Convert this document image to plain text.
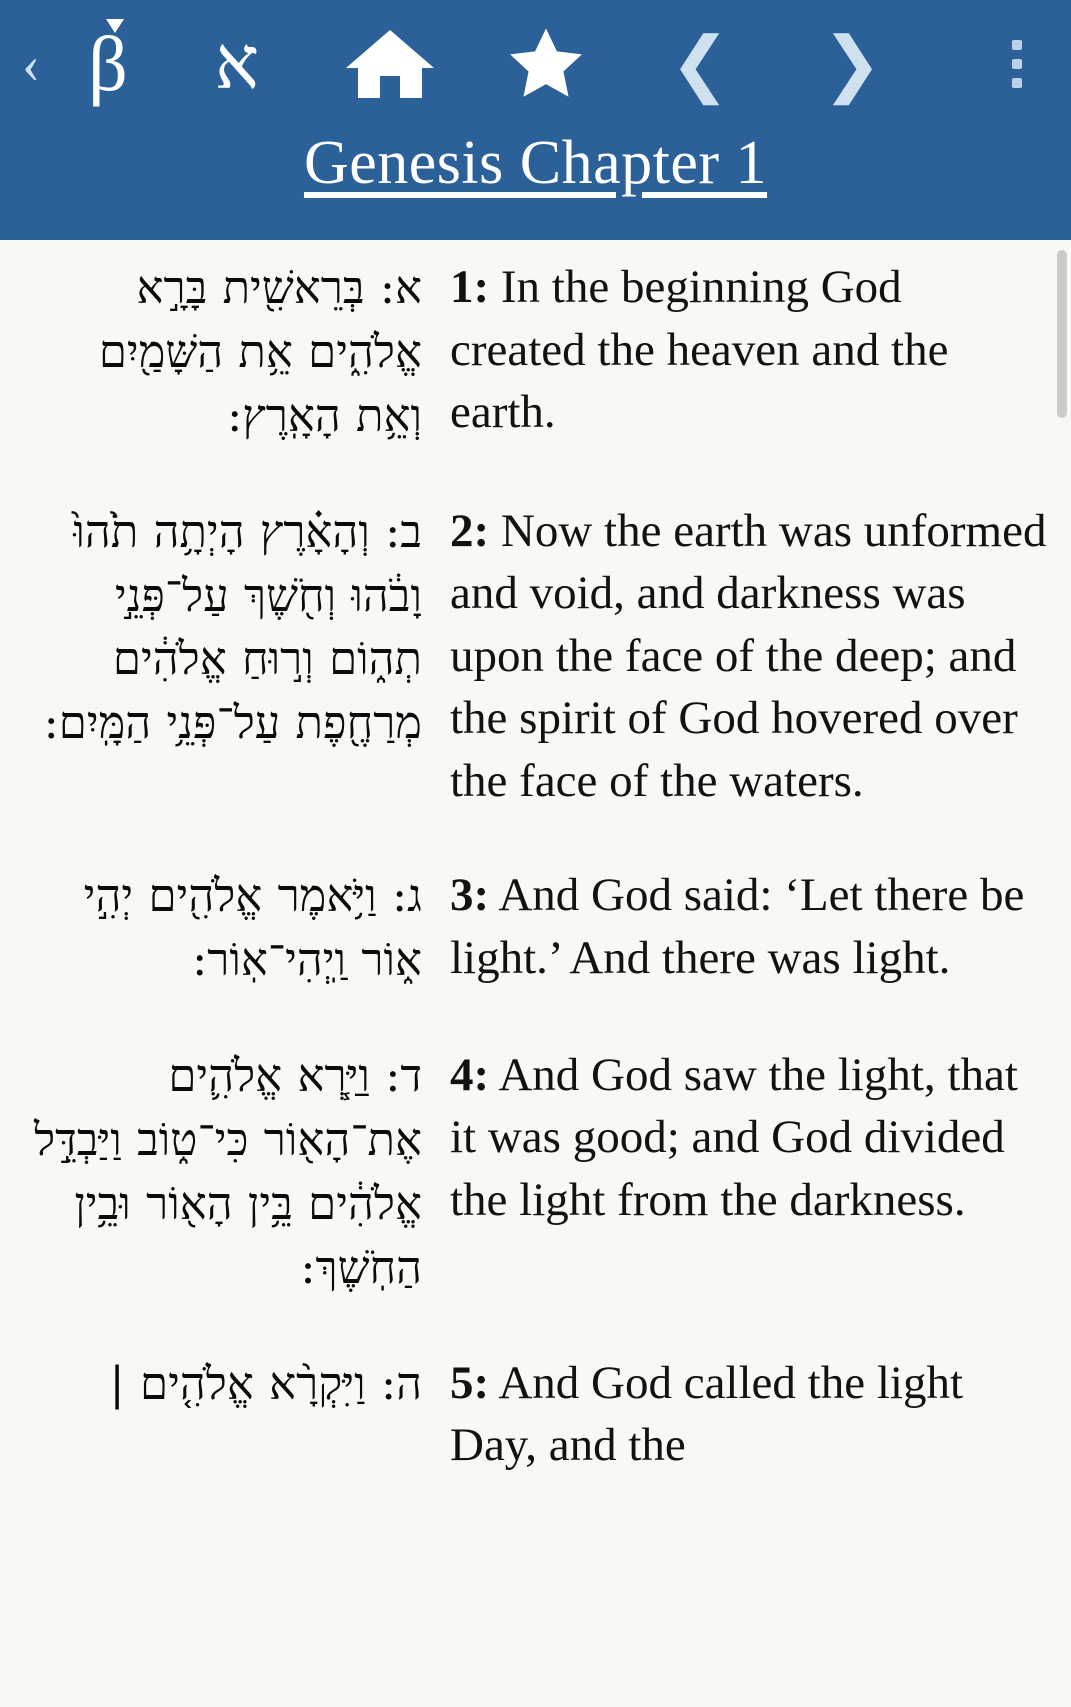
‹ β	א	❮	❯
Genesis Chapter 1
א: בְּרֵאשִׁ֖ית בָּרָ֣א אֱלֹהִ֑ים אֵ֥ת הַשָּׁמַ֖יִם וְאֵ֥ת הָאָֽרֶץ:
1: In the beginning God created the heaven and the earth.
ב: וְהָאָ֗רֶץ הָיְתָ֥ה תֹ֙הוּ֙ וָבֹ֔הוּ וְחֹ֖שֶׁךְ עַל־פְּנֵ֣י תְה֑וֹם וְר֣וּחַ אֱלֹהִ֔ים מְרַחֶ֖פֶת עַל־פְּנֵ֥י הַמָּֽיִם:
2: Now the earth was unformed and void, and darkness was upon the face of the deep; and the spirit of God hovered over the face of the waters.
ג: וַיֹּ֥אמֶר אֱלֹהִ֖ים יְהִ֣י א֑וֹר וַֽיְהִי־אֽוֹר:
3: And God said: ‘Let there be light.’ And there was light.
ד: וַיַּ֧רְא אֱלֹהִ֛ים אֶת־הָא֖וֹר כִּי־ט֑וֹב וַיַּבְדֵּ֣ל אֱלֹהִ֔ים בֵּ֥ין הָא֖וֹר וּבֵ֥ין הַחֹֽשֶׁךְ:
4: And God saw the light, that it was good; and God divided the light from the darkness.
ה: וַיִּקְרָ֨א אֱלֹהִ֤ים | 5: And God called the light Day, and the
